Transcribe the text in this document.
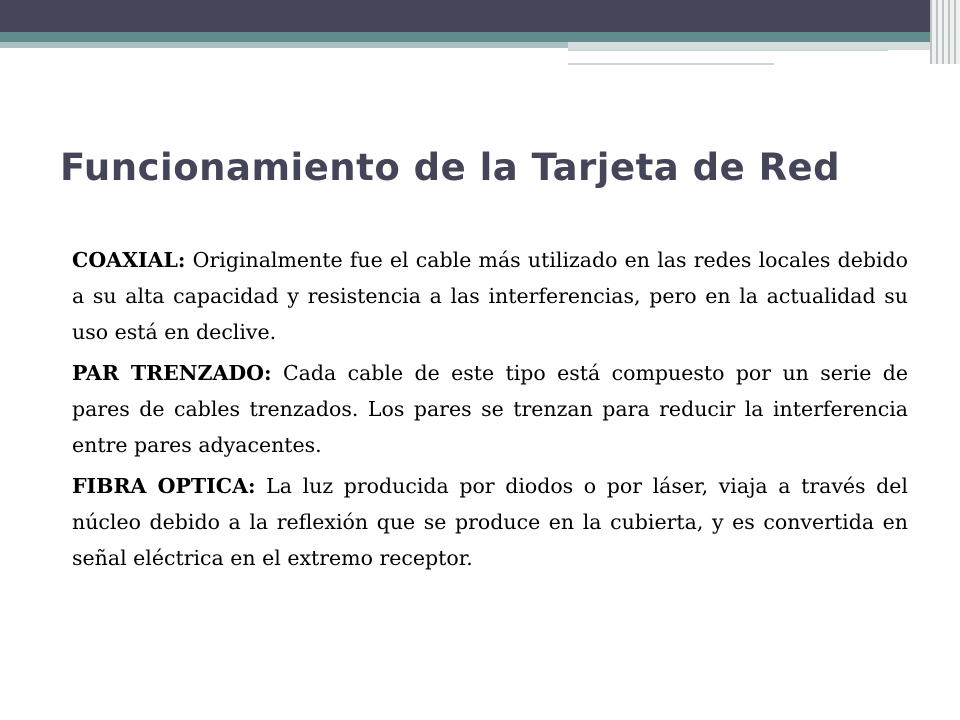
Funcionamiento de la Tarjeta de Red

COAXIAL: Originalmente fue el cable más utilizado en las redes locales debido a su alta capacidad y resistencia a las interferencias, pero en la actualidad su uso está en declive.

PAR TRENZADO: Cada cable de este tipo está compuesto por un serie de pares de cables trenzados. Los pares se trenzan para reducir la interferencia entre pares adyacentes.

FIBRA OPTICA: La luz producida por diodos o por láser, viaja a través del núcleo debido a la reflexión que se produce en la cubierta, y es convertida en señal eléctrica en el extremo receptor.
